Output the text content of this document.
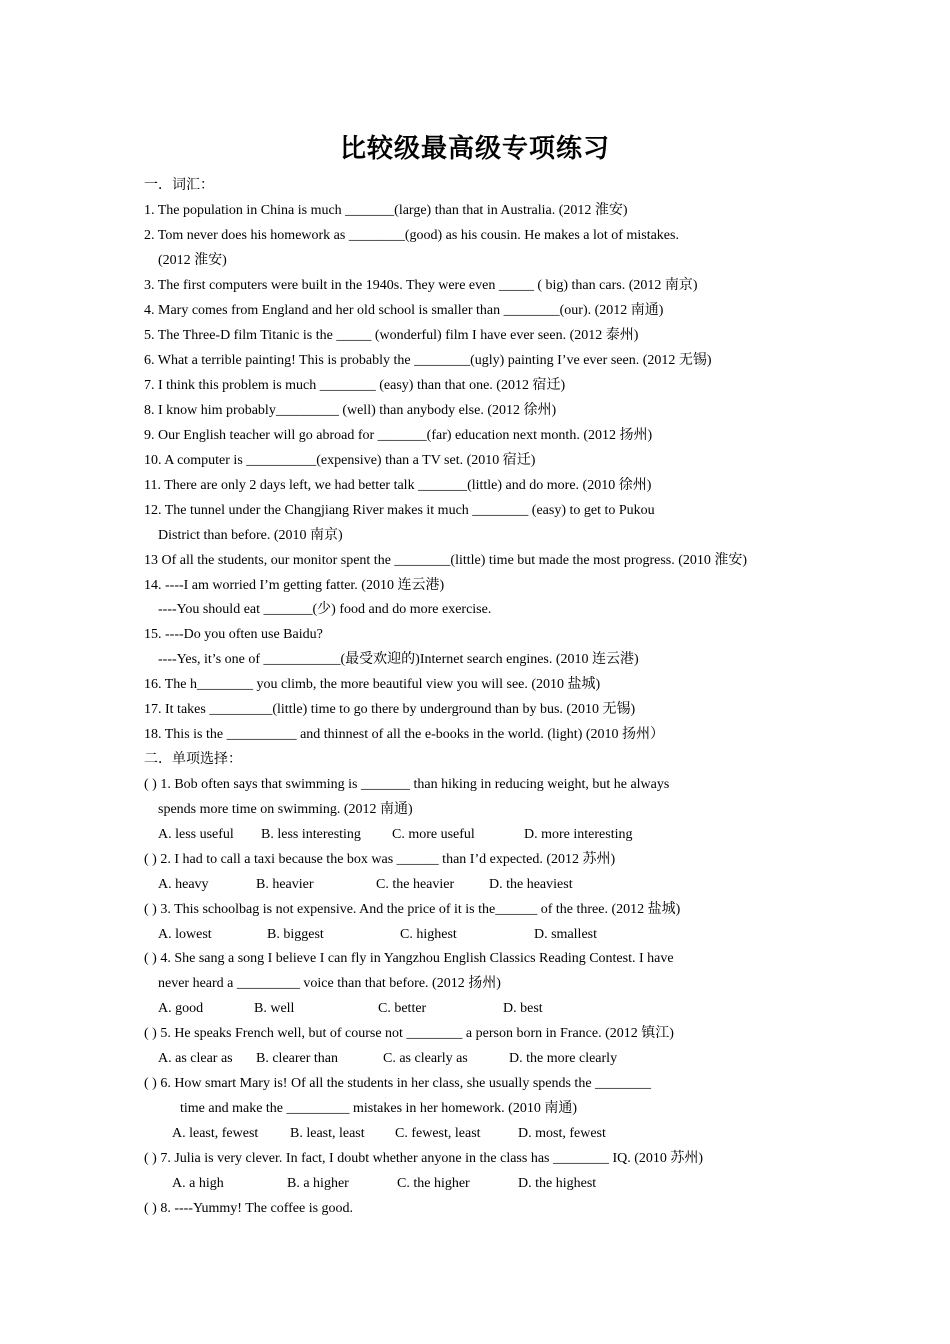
比较级最高级专项练习
一．词汇：
1. The population in China is much _______(large) than that in Australia. (2012 淮安)
2. Tom never does his homework as ________(good) as his cousin. He makes a lot of mistakes.
(2012 淮安)
3. The first computers were built in the 1940s. They were even _____ ( big) than cars. (2012 南京)
4. Mary comes from England and her old school is smaller than ________(our). (2012 南通)
5. The Three-D film Titanic is the _____ (wonderful) film I have ever seen. (2012 泰州)
6. What a terrible painting! This is probably the ________(ugly) painting I’ve ever seen. (2012 无锡)
7. I think this problem is much ________ (easy) than that one. (2012 宿迁)
8. I know him probably_________ (well) than anybody else. (2012 徐州)
9. Our English teacher will go abroad for _______(far) education next month. (2012 扬州)
10. A computer is __________(expensive) than a TV set. (2010 宿迁)
11. There are only 2 days left, we had better talk _______(little) and do more. (2010 徐州)
12. The tunnel under the Changjiang River makes it much ________ (easy) to get to Pukou
District than before. (2010 南京)
13 Of all the students, our monitor spent the ________(little) time but made the most progress. (2010 淮安)
14. ----I am worried I’m getting fatter. (2010 连云港)
----You should eat _______(少) food and do more exercise.
15. ----Do you often use Baidu?
----Yes, it’s one of ___________(最受欢迎的)Internet search engines. (2010 连云港)
16. The h________ you climb, the more beautiful view you will see. (2010 盐城)
17. It takes _________(little) time to go there by underground than by bus. (2010 无锡)
18. This is the __________ and thinnest of all the e-books in the world. (light) (2010 扬州）
二．单项选择：
( ) 1. Bob often says that swimming is _______ than hiking in reducing weight, but he always
spends more time on swimming. (2012 南通)
A. less useful B. less interesting C. more useful	D. more interesting
( ) 2. I had to call a taxi because the box was ______ than I’d expected. (2012 苏州)
A. heavy	B. heavier	C. the heavier D. the heaviest
( ) 3. This schoolbag is not expensive. And the price of it is the______ of the three. (2012 盐城)
A. lowest	B. biggest	C. highest	D. smallest
( ) 4. She sang a song I believe I can fly in Yangzhou English Classics Reading Contest. I have
never heard a _________ voice than that before. (2012 扬州)
A. good	B. well	C. better	D. best
( ) 5. He speaks French well, but of course not ________ a person born in France. (2012 镇江)
A. as clear as B. clearer than	C. as clearly as	D. the more clearly
( ) 6. How smart Mary is! Of all the students in her class, she usually spends the ________
time and make the _________ mistakes in her homework. (2010 南通)
A. least, fewest B. least, least C. fewest, least	D. most, fewest
( ) 7. Julia is very clever. In fact, I doubt whether anyone in the class has ________ IQ. (2010 苏州)
A. a high	B. a higher	C. the higher	D. the highest
( ) 8. ----Yummy! The coffee is good.
